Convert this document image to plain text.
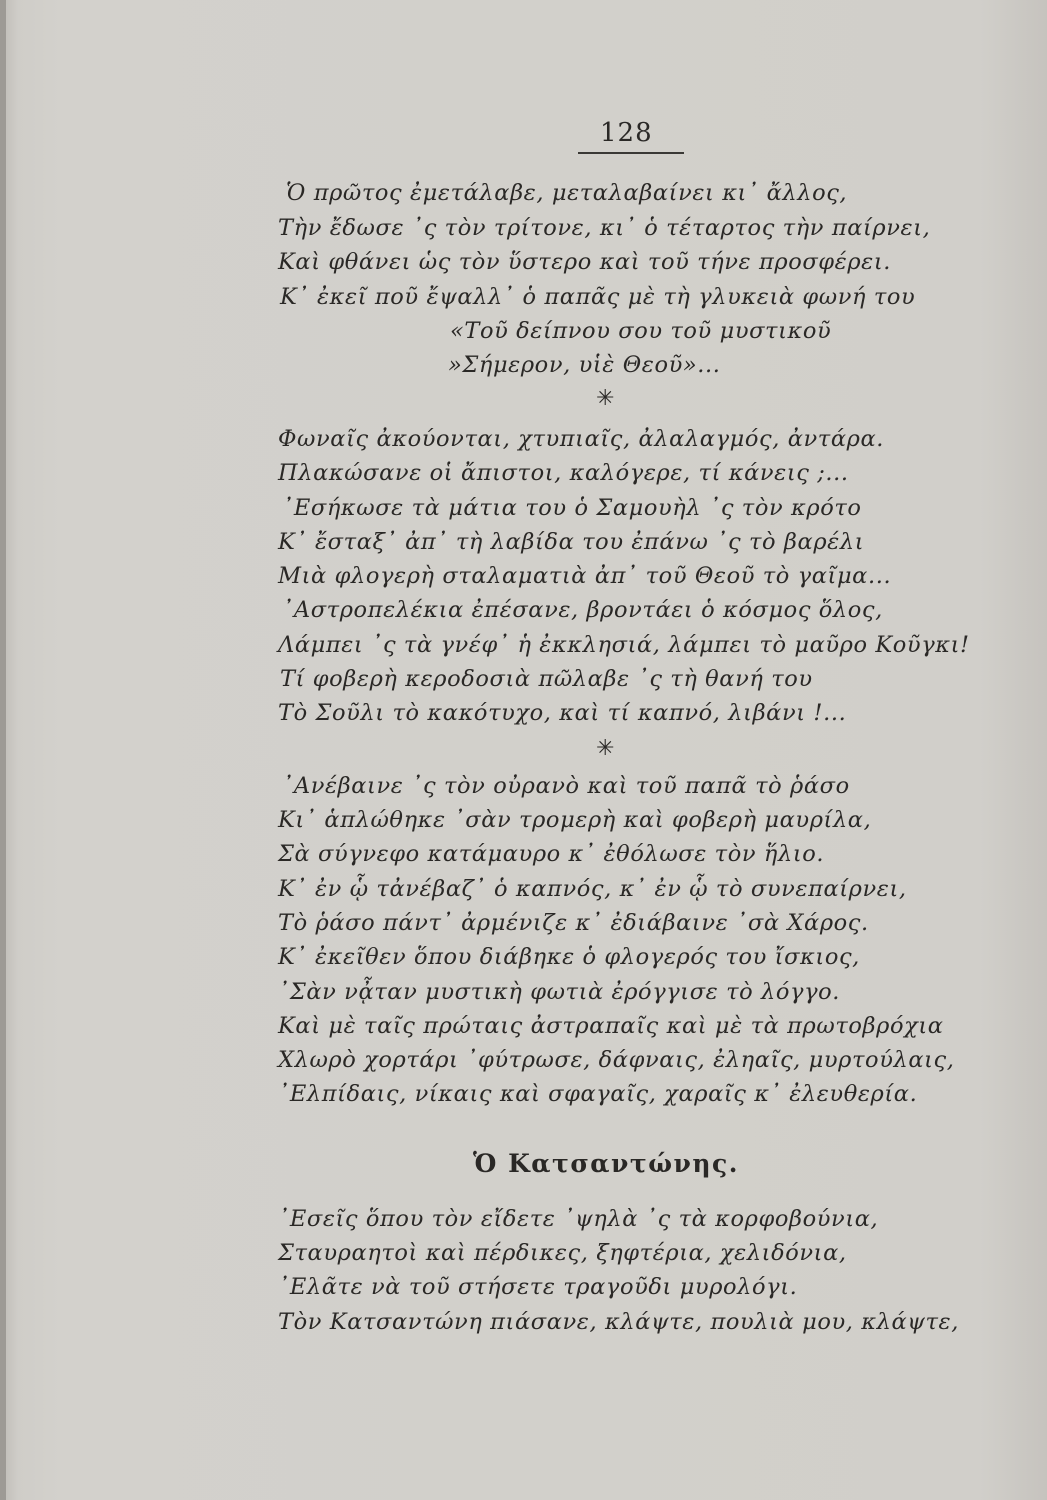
128
Ὁ πρῶτος ἐμετάλαβε, μεταλαβαίνει κι᾽ ἄλλος,
Τὴν ἔδωσε ᾽ς τὸν τρίτονε, κι᾽ ὁ τέταρτος τὴν παίρνει,
Καὶ φθάνει ὡς τὸν ὕστερο καὶ τοῦ τήνε προσφέρει.
Κ᾽ ἐκεῖ ποῦ ἔψαλλ᾽ ὁ παπᾶς μὲ τὴ γλυκειὰ φωνή του
«Τοῦ δείπνου σου τοῦ μυστικοῦ
»Σήμερον, υἱὲ Θεοῦ»...
✳
Φωναῖς ἀκούονται, χτυπιαῖς, ἀλαλαγμός, ἀντάρα.
Πλακώσανε οἱ ἄπιστοι, καλόγερε, τί κάνεις ;...
᾽Εσήκωσε τὰ μάτια του ὁ Σαμουὴλ ᾽ς τὸν κρότο
Κ᾽ ἔσταξ᾽ ἀπ᾽ τὴ λαβίδα του ἐπάνω ᾽ς τὸ βαρέλι
Μιὰ φλογερὴ σταλαματιὰ ἀπ᾽ τοῦ Θεοῦ τὸ γαῖμα...
᾽Αστροπελέκια ἐπέσανε, βροντάει ὁ κόσμος ὅλος,
Λάμπει ᾽ς τὰ γνέφ᾽ ἡ ἐκκλησιά, λάμπει τὸ μαῦρο Κοῦγκι!
Τί φοβερὴ κεροδοσιὰ πῶλαβε ᾽ς τὴ θανή του
Τὸ Σοῦλι τὸ κακότυχο, καὶ τί καπνό, λιβάνι !...
✳
᾽Ανέβαινε ᾽ς τὸν οὐρανὸ καὶ τοῦ παπᾶ τὸ ῥάσο
Κι᾽ ἁπλώθηκε ᾽σὰν τρομερὴ καὶ φοβερὴ μαυρίλα,
Σὰ σύγνεφο κατάμαυρο κ᾽ ἐθόλωσε τὸν ἥλιο.
Κ᾽ ἐν ᾧ τἀνέβαζ᾽ ὁ καπνός, κ᾽ ἐν ᾧ τὸ συνεπαίρνει,
Τὸ ῥάσο πάντ᾽ ἀρμένιζε κ᾽ ἐδιάβαινε ᾽σὰ Χάρος.
Κ᾽ ἐκεῖθεν ὅπου διάβηκε ὁ φλογερός του ἴσκιος,
᾽Σὰν νᾆταν μυστικὴ φωτιὰ ἐρόγγισε τὸ λόγγο.
Καὶ μὲ ταῖς πρώταις ἀστραπαῖς καὶ μὲ τὰ πρωτοβρόχια
Χλωρὸ χορτάρι ᾽φύτρωσε, δάφναις, ἐληαῖς, μυρτούλαις,
᾽Ελπίδαις, νίκαις καὶ σφαγαῖς, χαραῖς κ᾽ ἐλευθερία.
Ὁ Κατσαντώνης.
᾽Εσεῖς ὅπου τὸν εἴδετε ᾽ψηλὰ ᾽ς τὰ κορφοβούνια,
Σταυραητοὶ καὶ πέρδικες, ξηφτέρια, χελιδόνια,
᾽Ελᾶτε νὰ τοῦ στήσετε τραγοῦδι μυρολόγι.
Τὸν Κατσαντώνη πιάσανε, κλάψτε, πουλιὰ μου, κλάψτε,
